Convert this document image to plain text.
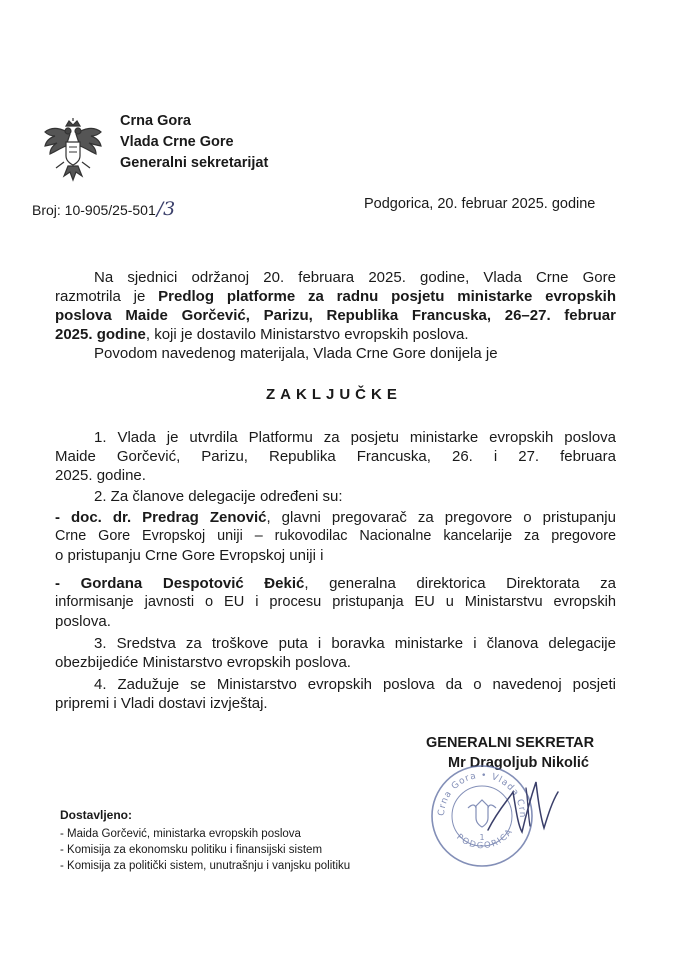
Crna Gora
Vlada Crne Gore
Generalni sekretarijat
Broj: 10-905/25-501/3	Podgorica, 20. februar 2025. godine
Na sjednici održanoj 20. februara 2025. godine, Vlada Crne Gore
razmotrila je Predlog platforme za radnu posjetu ministarke evropskih
poslova Maide Gorčević, Parizu, Republika Francuska, 26–27. februar
2025. godine, koji je dostavilo Ministarstvo evropskih poslova.
Povodom navedenog materijala, Vlada Crne Gore donijela je
ZAKLJUČKE
1. Vlada je utvrdila Platformu za posjetu ministarke evropskih poslova
Maide Gorčević, Parizu, Republika Francuska, 26. i 27. februara
2025. godine.
2. Za članove delegacije određeni su:
- doc. dr. Predrag Zenović, glavni pregovarač za pregovore o pristupanju
Crne Gore Evropskoj uniji – rukovodilac Nacionalne kancelarije za pregovore
o pristupanju Crne Gore Evropskoj uniji i
- Gordana Despotović Đekić, generalna direktorica Direktorata za
informisanje javnosti o EU i procesu pristupanja EU u Ministarstvu evropskih
poslova.
3. Sredstva za troškove puta i boravka ministarke i članova delegacije
obezbijediće Ministarstvo evropskih poslova.
4. Zadužuje se Ministarstvo evropskih poslova da o navedenoj posjeti
pripremi i Vladi dostavi izvještaj.
GENERALNI SEKRETAR
Mr Dragoljub Nikolić
Crna Gora • Vlada Crn
PODGORICA
1
Dostavljeno:
- Maida Gorčević, ministarka evropskih poslova
- Komisija za ekonomsku politiku i finansijski sistem
- Komisija za politički sistem, unutrašnju i vanjsku politiku
